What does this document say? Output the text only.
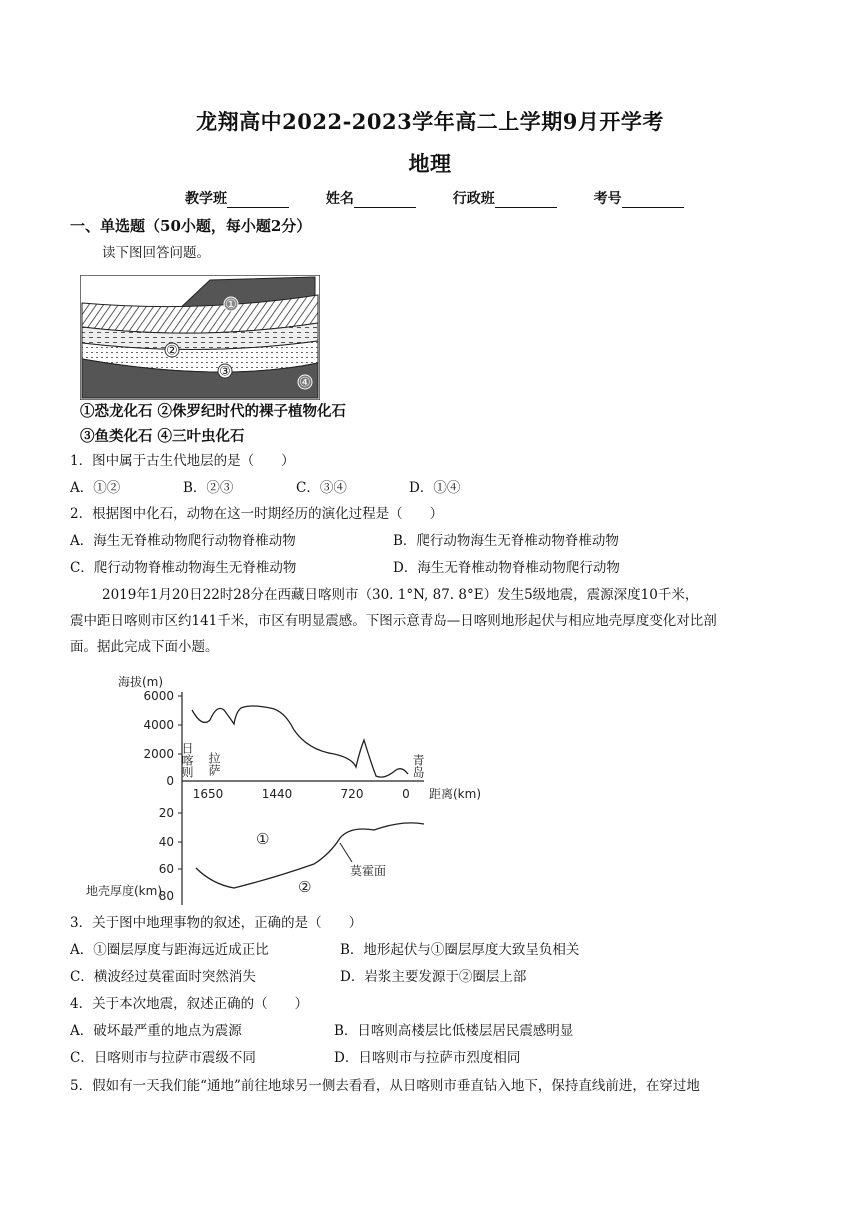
龙翔高中2022-2023学年高二上学期9月开学考
地理
教学班	姓名	行政班	考号
一、单选题（50小题，每小题2分）
读下图回答问题。
①
②
③
④
①恐龙化石 ②侏罗纪时代的裸子植物化石
③鱼类化石 ④三叶虫化石
1．图中属于古生代地层的是（　　）
A．①②	B．②③	C．③④	D．①④
2．根据图中化石，动物在这一时期经历的演化过程是（　　）
A．海生无脊椎动物爬行动物脊椎动物	B．爬行动物海生无脊椎动物脊椎动物
C．爬行动物脊椎动物海生无脊椎动物	D．海生无脊椎动物脊椎动物爬行动物
2019年1月20日22时28分在西藏日喀则市（30. 1°N, 87. 8°E）发生5级地震，震源深度10千米，
震中距日喀则市区约141千米，市区有明显震感。下图示意青岛—日喀则地形起伏与相应地壳厚度变化对比剖
面。据此完成下面小题。
海拔(m)
6000
4000
2000
0
日喀则 拉萨	青岛
1650	1440	720	0 距离(km)
20
40
60
80
①
②
莫霍面
地壳厚度(km)
3．关于图中地理事物的叙述，正确的是（　　）
A．①圈层厚度与距海远近成正比	B．地形起伏与①圈层厚度大致呈负相关
C．横波经过莫霍面时突然消失	D．岩浆主要发源于②圈层上部
4．关于本次地震，叙述正确的（　　）
A．破坏最严重的地点为震源	B．日喀则高楼层比低楼层居民震感明显
C．日喀则市与拉萨市震级不同	D．日喀则市与拉萨市烈度相同
5．假如有一天我们能“通地”前往地球另一侧去看看，从日喀则市垂直钻入地下，保持直线前进，在穿过地
